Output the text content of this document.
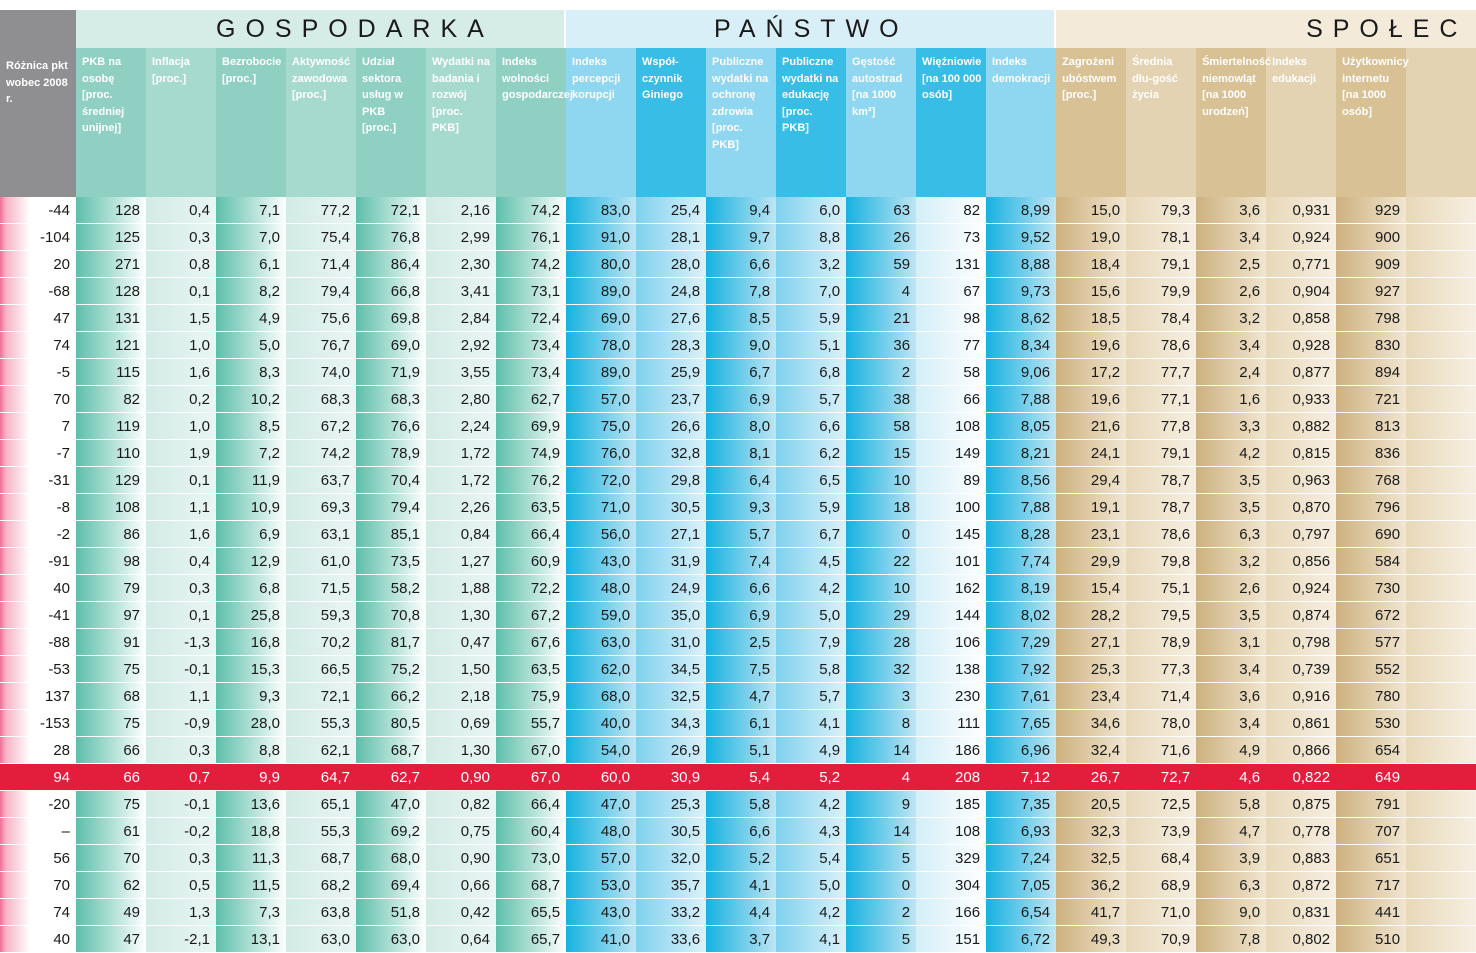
	GOSPODARKA							PAŃSTWO							SPOŁEC					

Różnica pkt wobec 2008 r.	PKB na osobę [proc. średniej unijnej]	Inflacja [proc.]	Bezrobocie [proc.]	Aktywność zawodowa [proc.]	Udział sektora usług w PKB [proc.]	Wydatki na badania i rozwój [proc. PKB]	Indeks wolności gospodarczej	Indeks percepcji korupcji	Współ-czynnik Giniego	Publiczne wydatki na ochronę zdrowia [proc. PKB]	Publiczne wydatki na edukację [proc. PKB]	Gęstość autostrad [na 1000 km²]	Więźniowie [na 100 000 osób]	Indeks demokracji	Zagrożeni ubóstwem [proc.]	Średnia dłu-gość życia	Śmiertelność niemowląt [na 1000 urodzeń]	Indeks edukacji	Użytkownicy internetu [na 1000 osób]	
-44	128	0,4	7,1	77,2	72,1	2,16	74,2	83,0	25,4	9,4	6,0	63	82	8,99	15,0	79,3	3,6	0,931	929	
-104	125	0,3	7,0	75,4	76,8	2,99	76,1	91,0	28,1	9,7	8,8	26	73	9,52	19,0	78,1	3,4	0,924	900	
20	271	0,8	6,1	71,4	86,4	2,30	74,2	80,0	28,0	6,6	3,2	59	131	8,88	18,4	79,1	2,5	0,771	909	
-68	128	0,1	8,2	79,4	66,8	3,41	73,1	89,0	24,8	7,8	7,0	4	67	9,73	15,6	79,9	2,6	0,904	927	
47	131	1,5	4,9	75,6	69,8	2,84	72,4	69,0	27,6	8,5	5,9	21	98	8,62	18,5	78,4	3,2	0,858	798	
74	121	1,0	5,0	76,7	69,0	2,92	73,4	78,0	28,3	9,0	5,1	36	77	8,34	19,6	78,6	3,4	0,928	830	
-5	115	1,6	8,3	74,0	71,9	3,55	73,4	89,0	25,9	6,7	6,8	2	58	9,06	17,2	77,7	2,4	0,877	894	
70	82	0,2	10,2	68,3	68,3	2,80	62,7	57,0	23,7	6,9	5,7	38	66	7,88	19,6	77,1	1,6	0,933	721	
7	119	1,0	8,5	67,2	76,6	2,24	69,9	75,0	26,6	8,0	6,6	58	108	8,05	21,6	77,8	3,3	0,882	813	
-7	110	1,9	7,2	74,2	78,9	1,72	74,9	76,0	32,8	8,1	6,2	15	149	8,21	24,1	79,1	4,2	0,815	836	
-31	129	0,1	11,9	63,7	70,4	1,72	76,2	72,0	29,8	6,4	6,5	10	89	8,56	29,4	78,7	3,5	0,963	768	
-8	108	1,1	10,9	69,3	79,4	2,26	63,5	71,0	30,5	9,3	5,9	18	100	7,88	19,1	78,7	3,5	0,870	796	
-2	86	1,6	6,9	63,1	85,1	0,84	66,4	56,0	27,1	5,7	6,7	0	145	8,28	23,1	78,6	6,3	0,797	690	
-91	98	0,4	12,9	61,0	73,5	1,27	60,9	43,0	31,9	7,4	4,5	22	101	7,74	29,9	79,8	3,2	0,856	584	
40	79	0,3	6,8	71,5	58,2	1,88	72,2	48,0	24,9	6,6	4,2	10	162	8,19	15,4	75,1	2,6	0,924	730	
-41	97	0,1	25,8	59,3	70,8	1,30	67,2	59,0	35,0	6,9	5,0	29	144	8,02	28,2	79,5	3,5	0,874	672	
-88	91	-1,3	16,8	70,2	81,7	0,47	67,6	63,0	31,0	2,5	7,9	28	106	7,29	27,1	78,9	3,1	0,798	577	
-53	75	-0,1	15,3	66,5	75,2	1,50	63,5	62,0	34,5	7,5	5,8	32	138	7,92	25,3	77,3	3,4	0,739	552	
137	68	1,1	9,3	72,1	66,2	2,18	75,9	68,0	32,5	4,7	5,7	3	230	7,61	23,4	71,4	3,6	0,916	780	
-153	75	-0,9	28,0	55,3	80,5	0,69	55,7	40,0	34,3	6,1	4,1	8	111	7,65	34,6	78,0	3,4	0,861	530	
28	66	0,3	8,8	62,1	68,7	1,30	67,0	54,0	26,9	5,1	4,9	14	186	6,96	32,4	71,6	4,9	0,866	654	
94	66	0,7	9,9	64,7	62,7	0,90	67,0	60,0	30,9	5,4	5,2	4	208	7,12	26,7	72,7	4,6	0,822	649	
-20	75	-0,1	13,6	65,1	47,0	0,82	66,4	47,0	25,3	5,8	4,2	9	185	7,35	20,5	72,5	5,8	0,875	791	
–	61	-0,2	18,8	55,3	69,2	0,75	60,4	48,0	30,5	6,6	4,3	14	108	6,93	32,3	73,9	4,7	0,778	707	
56	70	0,3	11,3	68,7	68,0	0,90	73,0	57,0	32,0	5,2	5,4	5	329	7,24	32,5	68,4	3,9	0,883	651	
70	62	0,5	11,5	68,2	69,4	0,66	68,7	53,0	35,7	4,1	5,0	0	304	7,05	36,2	68,9	6,3	0,872	717	
74	49	1,3	7,3	63,8	51,8	0,42	65,5	43,0	33,2	4,4	4,2	2	166	6,54	41,7	71,0	9,0	0,831	441	
40	47	-2,1	13,1	63,0	63,0	0,64	65,7	41,0	33,6	3,7	4,1	5	151	6,72	49,3	70,9	7,8	0,802	510	
